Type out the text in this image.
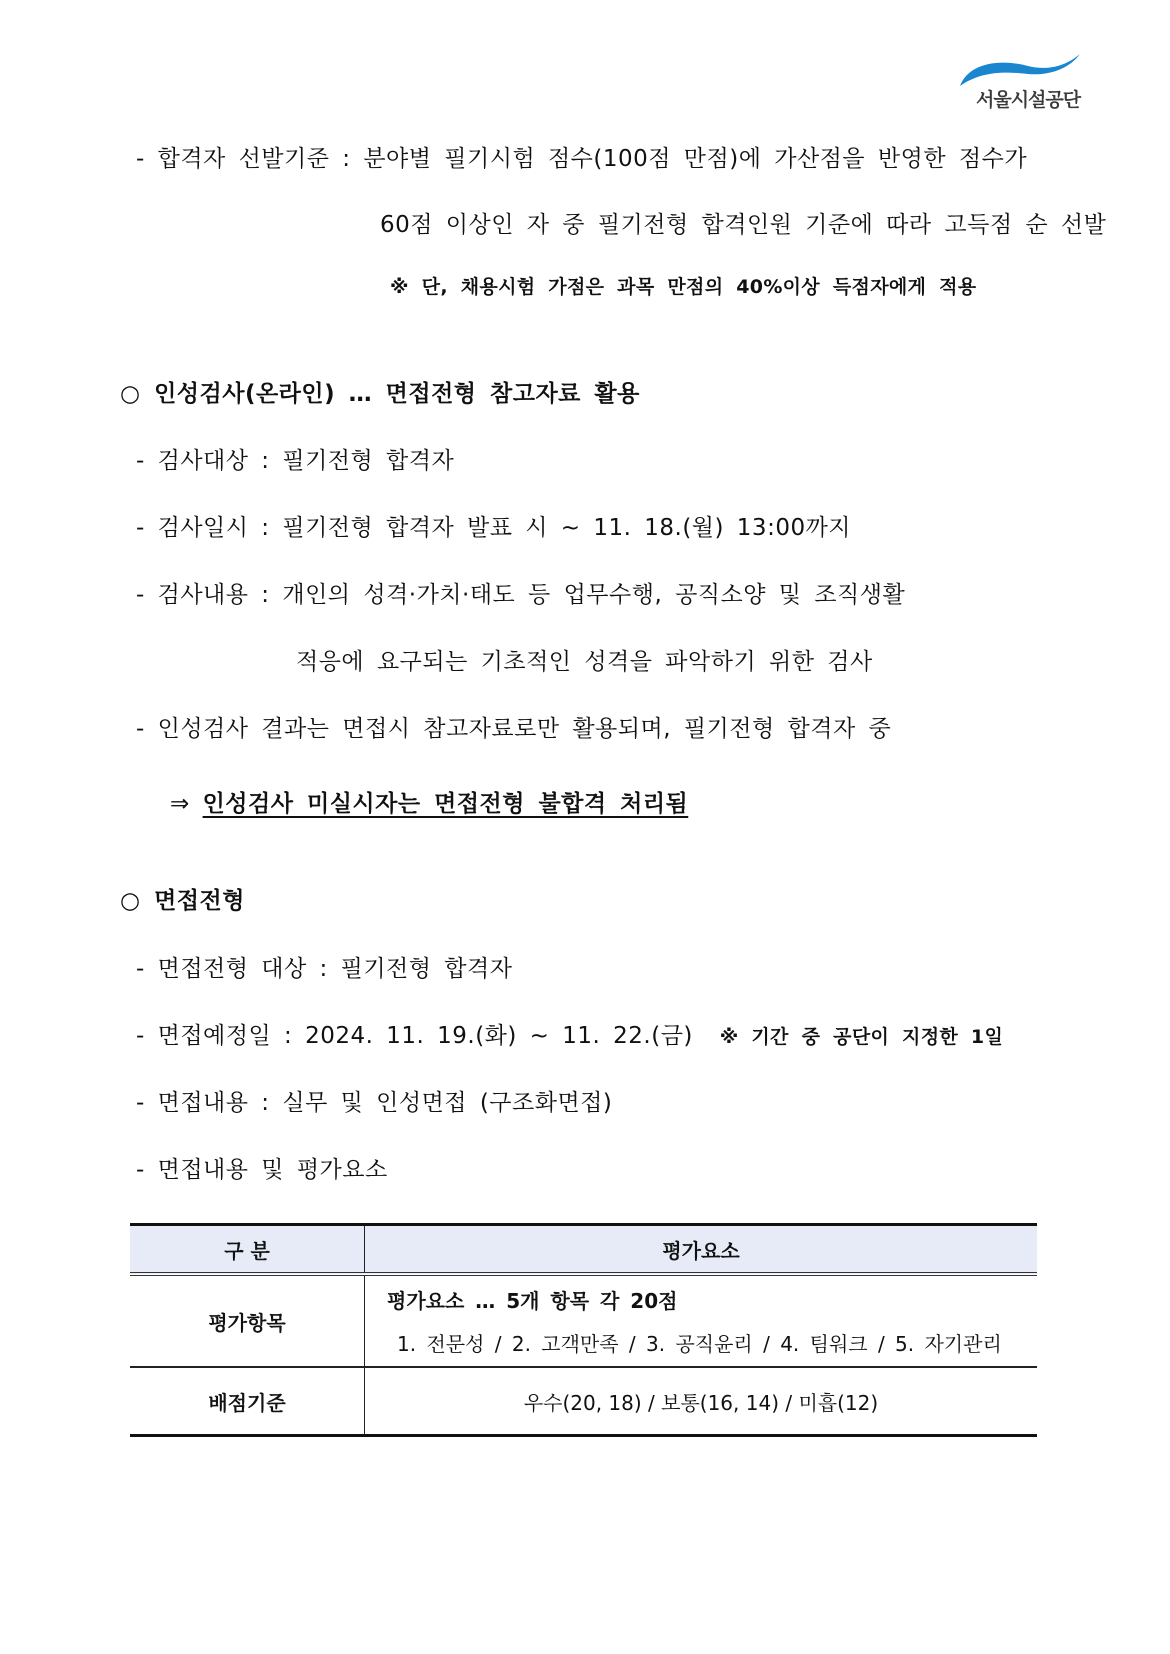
서울시설공단
- 합격자 선발기준 : 분야별 필기시험 점수(100점 만점)에 가산점을 반영한 점수가
60점 이상인 자 중 필기전형 합격인원 기준에 따라 고득점 순 선발
※ 단, 채용시험 가점은 과목 만점의 40%이상 득점자에게 적용
○ 인성검사(온라인) … 면접전형 참고자료 활용
- 검사대상 : 필기전형 합격자
- 검사일시 : 필기전형 합격자 발표 시 ~ 11. 18.(월) 13:00까지
- 검사내용 : 개인의 성격·가치·태도 등 업무수행, 공직소양 및 조직생활
적응에 요구되는 기초적인 성격을 파악하기 위한 검사
- 인성검사 결과는 면접시 참고자료로만 활용되며, 필기전형 합격자 중
⇒ 인성검사 미실시자는 면접전형 불합격 처리됨
○ 면접전형
- 면접전형 대상 : 필기전형 합격자
- 면접예정일 : 2024. 11. 19.(화) ~ 11. 22.(금) ※ 기간 중 공단이 지정한 1일
- 면접내용 : 실무 및 인성면접 (구조화면접)
- 면접내용 및 평가요소
구 분	평가요소
평가항목	평가요소 … 5개 항목 각 20점
1. 전문성 / 2. 고객만족 / 3. 공직윤리 / 4. 팀워크 / 5. 자기관리

배점기준	우수(20, 18) / 보통(16, 14) / 미흡(12)
